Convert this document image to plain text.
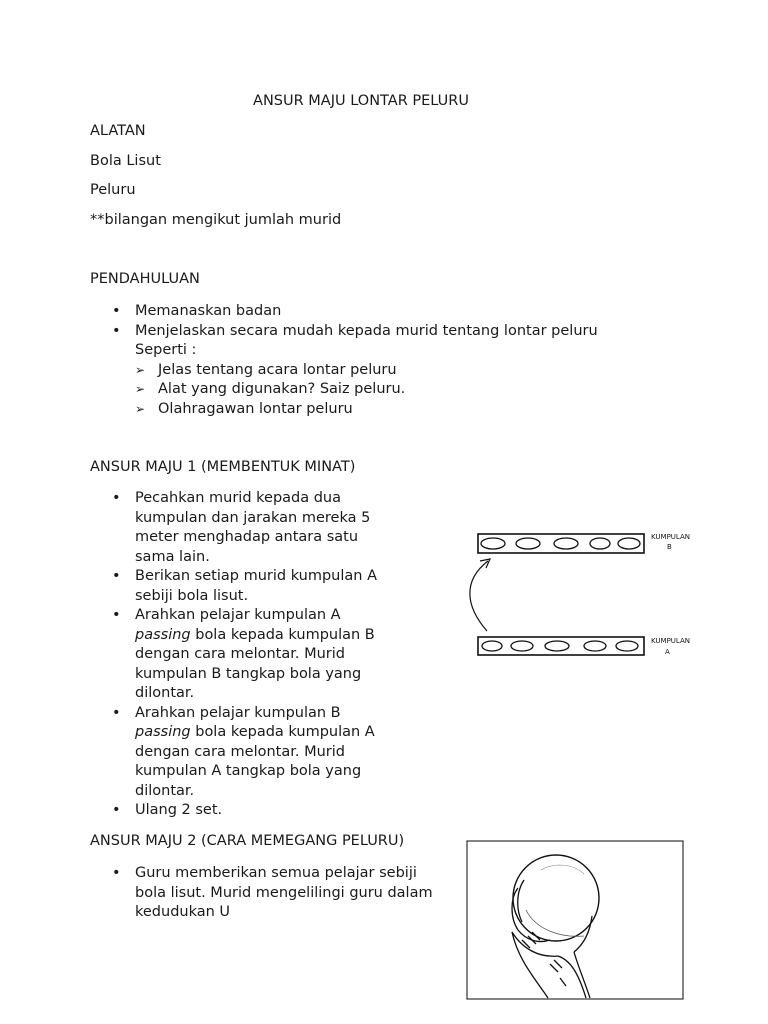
ANSUR MAJU LONTAR PELURU
ALATAN
Bola Lisut
Peluru
**bilangan mengikut jumlah murid
PENDAHULUAN
• Memanaskan badan
• Menjelaskan secara mudah kepada murid tentang lontar peluru
Seperti :
➢ Jelas tentang acara lontar peluru
➢ Alat yang digunakan? Saiz peluru.
➢ Olahragawan lontar peluru
ANSUR MAJU 1 (MEMBENTUK MINAT)
• Pecahkan murid kepada dua
kumpulan dan jarakan mereka 5
meter menghadap antara satu
sama lain.
• Berikan setiap murid kumpulan A
sebiji bola lisut.
• Arahkan pelajar kumpulan A
passing bola kepada kumpulan B
dengan cara melontar. Murid
kumpulan B tangkap bola yang
dilontar.
• Arahkan pelajar kumpulan B
passing bola kepada kumpulan A
dengan cara melontar. Murid
kumpulan A tangkap bola yang
dilontar.
• Ulang 2 set.
KUMPULAN
B
KUMPULAN
A
ANSUR MAJU 2 (CARA MEMEGANG PELURU)
• Guru memberikan semua pelajar sebiji
bola lisut. Murid mengelilingi guru dalam
kedudukan U
